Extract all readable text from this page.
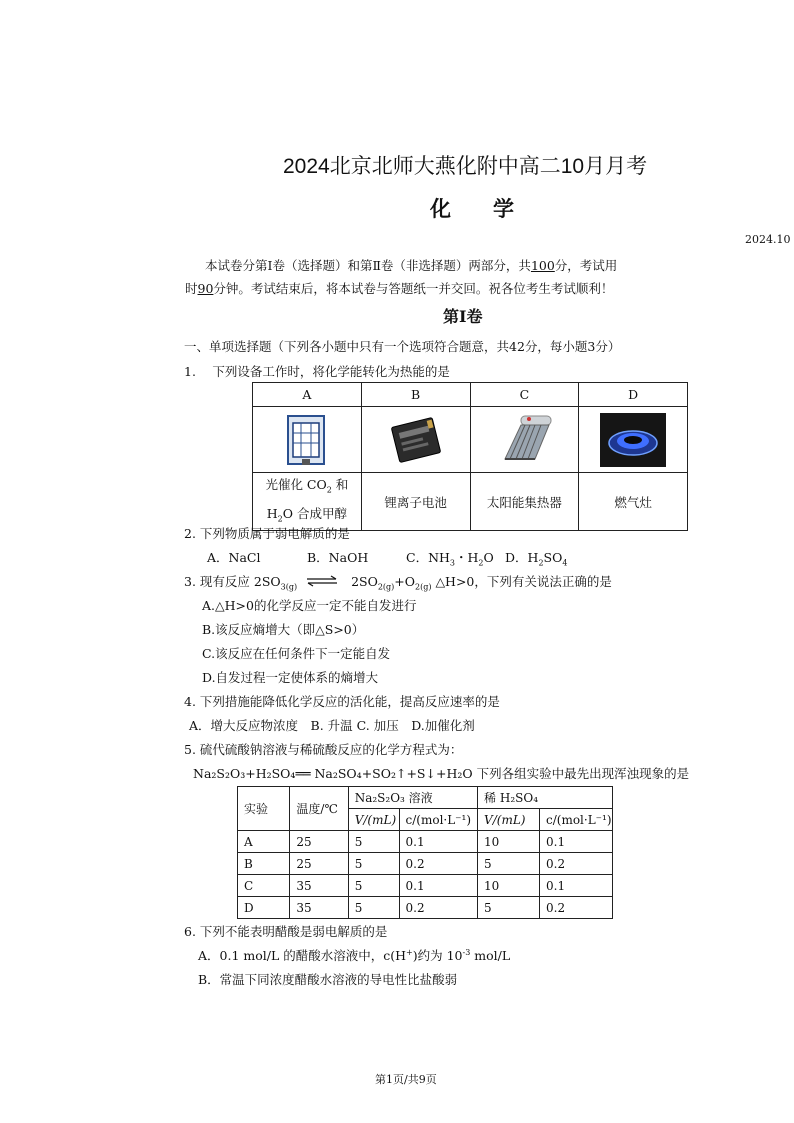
2024北京北师大燕化附中高二10月月考
化　　学
2024.10
本试卷分第Ⅰ卷（选择题）和第Ⅱ卷（非选择题）两部分，共100分，考试用
时90分钟。考试结束后，将本试卷与答题纸一并交回。祝各位考生考试顺利！
第Ⅰ卷
一、单项选择题（下列各小题中只有一个选项符合题意，共42分，每小题3分）
1.　 下列设备工作时，将化学能转化为热能的是
A	B	C	D

光催化 $CO_2$ 和
$H_2O$ 合成甲醇	锂离子电池	太阳能集热器	燃气灶
2. 下列物质属于弱电解质的是
A．NaCl	B．NaOH	C．$NH_3$・$H_2O$ D．$H_2SO_4$
3. 现有反应 $2SO_{3(g)}$ ⇌ $2SO_{2(g)}+O_{2(g)}$ △H>0，下列有关说法正确的是
A.△H>0的化学反应一定不能自发进行
B.该反应熵增大（即△S>0）
C.该反应在任何条件下一定能自发
D.自发过程一定使体系的熵增大
4. 下列措施能降低化学反应的活化能，提高反应速率的是
A．增大反应物浓度　B. 升温 C. 加压　D.加催化剂
5. 硫代硫酸钠溶液与稀硫酸反应的化学方程式为：
Na₂S₂O₃+H₂SO₄══ Na₂SO₄+SO₂↑+S↓+H₂O 下列各组实验中最先出现浑浊现象的是
实验	温度/℃	Na₂S₂O₃ 溶液		稀 H₂SO₄	
		V/(mL)	c/(mol·L⁻¹)	V/(mL)	c/(mol·L⁻¹)
A	25	5	0.1	10	0.1
B	25	5	0.2	5	0.2
C	35	5	0.1	10	0.1
D	35	5	0.2	5	0.2
6. 下列不能表明醋酸是弱电解质的是
A．0.1 mol/L 的醋酸水溶液中，c(H+)约为 $10^{-3}$ mol/L
B．常温下同浓度醋酸水溶液的导电性比盐酸弱
第1页/共9页
